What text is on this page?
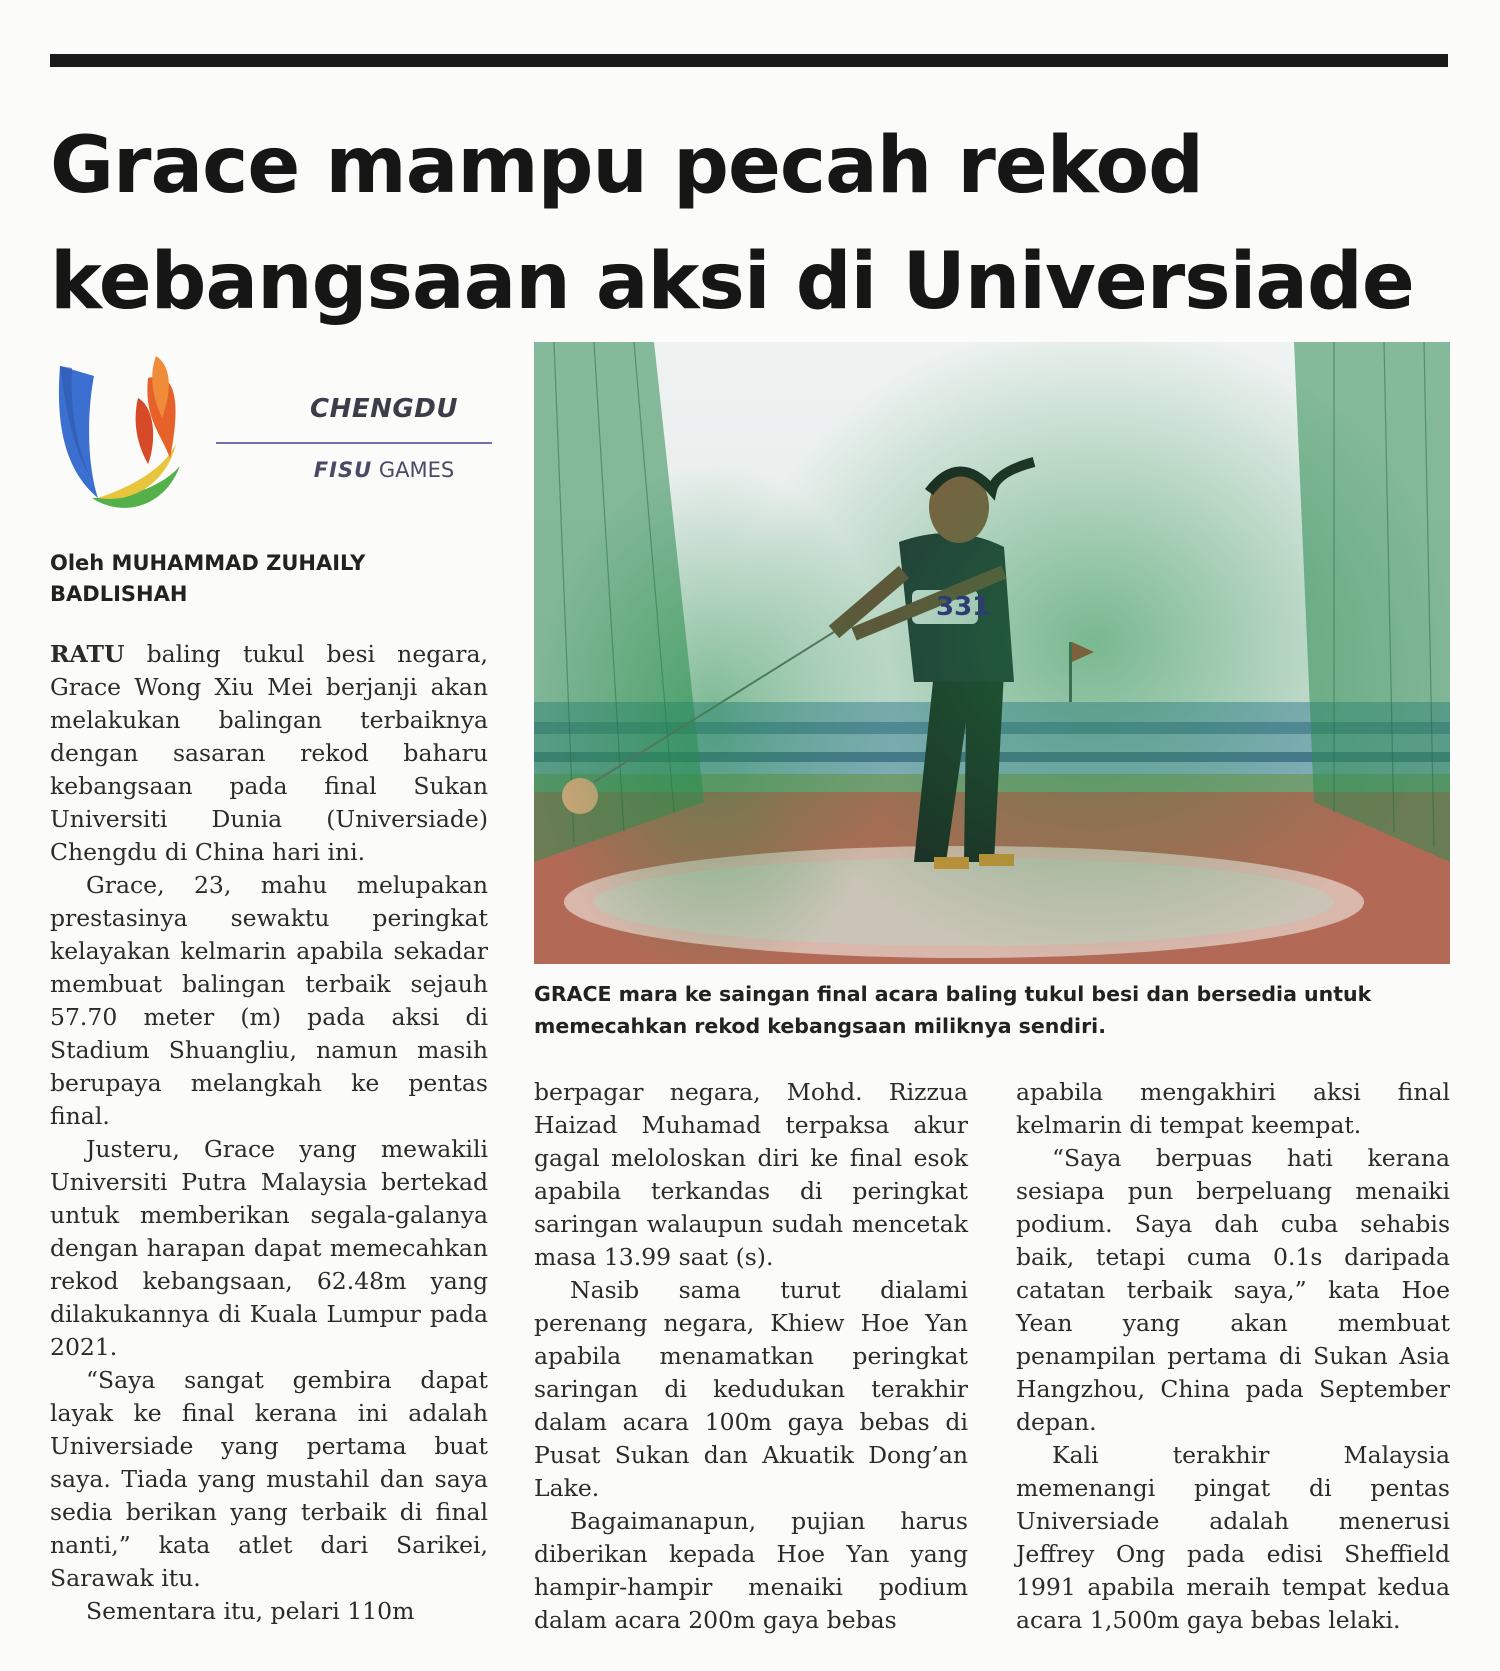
Grace mampu pecah rekod
kebangsaan aksi di Universiade
CHENGDU
FISU GAMES
Oleh MUHAMMAD ZUHAILY
BADLISHAH

RATU baling tukul besi negara, Grace Wong Xiu Mei berjanji akan melakukan balingan terbaiknya dengan sasaran rekod baharu kebangsaan pada final Sukan Universiti Dunia (Universiade) Chengdu di China hari ini.

Grace, 23, mahu melupakan prestasinya sewaktu peringkat kelayakan kelmarin apabila sekadar membuat balingan terbaik sejauh 57.70 meter (m) pada aksi di Stadium Shuangliu, namun masih berupaya melangkah ke pentas final.

Justeru, Grace yang mewakili Universiti Putra Malaysia bertekad untuk memberikan segala-galanya dengan harapan dapat memecahkan rekod kebangsaan, 62.48m yang dilakukannya di Kuala Lumpur pada 2021.

“Saya sangat gembira dapat layak ke final kerana ini adalah Universiade yang pertama buat saya. Tiada yang mustahil dan saya sedia berikan yang terbaik di final nanti,” kata atlet dari Sarikei, Sarawak itu.

Sementara itu, pelari 110m

331
GRACE mara ke saingan final acara baling tukul besi dan bersedia untuk
memecahkan rekod kebangsaan miliknya sendiri.

berpagar negara, Mohd. Rizzua Haizad Muhamad terpaksa akur gagal meloloskan diri ke final esok apabila terkandas di peringkat saringan walaupun sudah mencetak masa 13.99 saat (s).

Nasib sama turut dialami perenang negara, Khiew Hoe Yan apabila menamatkan peringkat saringan di kedudukan terakhir dalam acara 100m gaya bebas di Pusat Sukan dan Akuatik Dong’an Lake.

Bagaimanapun, pujian harus diberikan kepada Hoe Yan yang hampir-hampir menaiki podium dalam acara 200m gaya bebas

apabila mengakhiri aksi final kelmarin di tempat keempat.

“Saya berpuas hati kerana sesiapa pun berpeluang menaiki podium. Saya dah cuba sehabis baik, tetapi cuma 0.1s daripada catatan terbaik saya,” kata Hoe Yean yang akan membuat penampilan pertama di Sukan Asia Hangzhou, China pada September depan.

Kali terakhir Malaysia memenangi pingat di pentas Universiade adalah menerusi Jeffrey Ong pada edisi Sheffield 1991 apabila meraih tempat kedua acara 1,500m gaya bebas lelaki.
